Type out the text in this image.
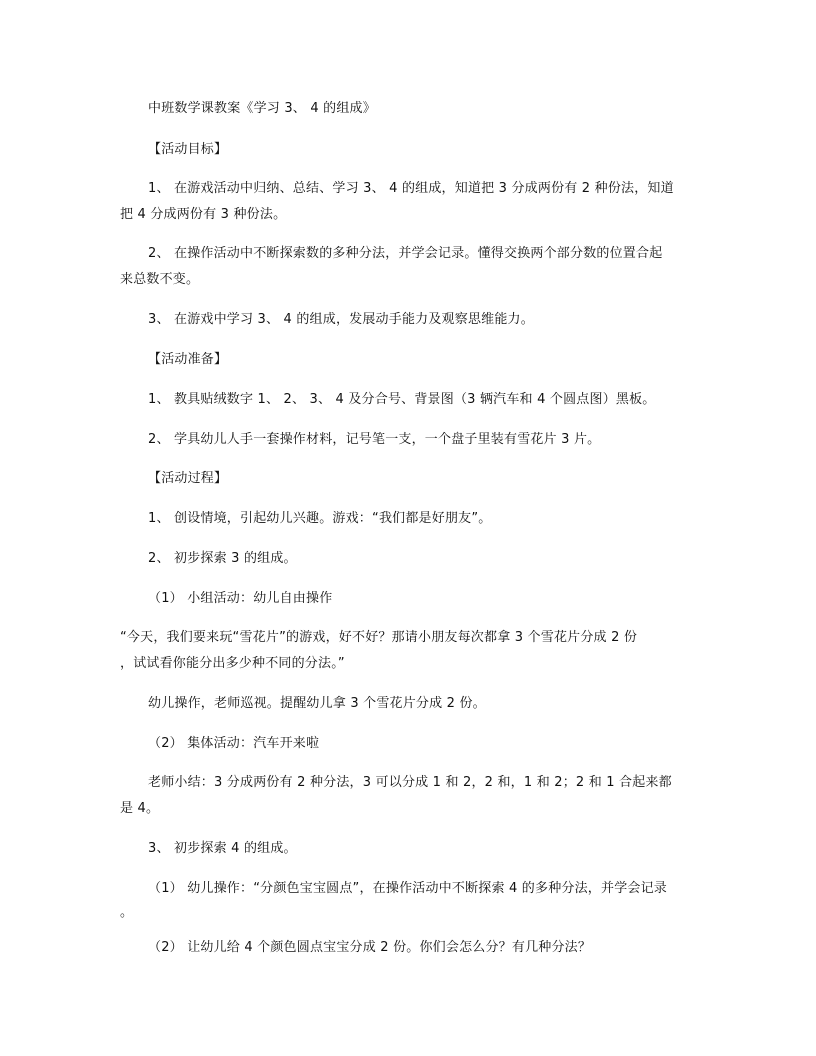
中班数学课教案《学习 3、 4 的组成》
【活动目标】
1、 在游戏活动中归纳、总结、学习 3、 4 的组成，知道把 3 分成两份有 2 种份法，知道
把 4 分成两份有 3 种份法。
2、 在操作活动中不断探索数的多种分法，并学会记录。懂得交换两个部分数的位置合起
来总数不变。
3、 在游戏中学习 3、 4 的组成，发展动手能力及观察思维能力。
【活动准备】
1、 教具贴绒数字 1、 2、 3、 4 及分合号、背景图（3 辆汽车和 4 个圆点图）黑板。
2、 学具幼儿人手一套操作材料，记号笔一支，一个盘子里装有雪花片 3 片。
【活动过程】
1、 创设情境，引起幼儿兴趣。游戏：“我们都是好朋友”。
2、 初步探索 3 的组成。
（1） 小组活动：幼儿自由操作
“今天，我们要来玩“雪花片”的游戏，好不好？那请小朋友每次都拿 3 个雪花片分成 2 份
，试试看你能分出多少种不同的分法。”
幼儿操作，老师巡视。提醒幼儿拿 3 个雪花片分成 2 份。
（2） 集体活动：汽车开来啦
老师小结：3 分成两份有 2 种分法，3 可以分成 1 和 2，2 和，1 和 2；2 和 1 合起来都
是 4。
3、 初步探索 4 的组成。
（1） 幼儿操作：“分颜色宝宝圆点”，在操作活动中不断探索 4 的多种分法，并学会记录
。
（2） 让幼儿给 4 个颜色圆点宝宝分成 2 份。你们会怎么分？有几种分法？
